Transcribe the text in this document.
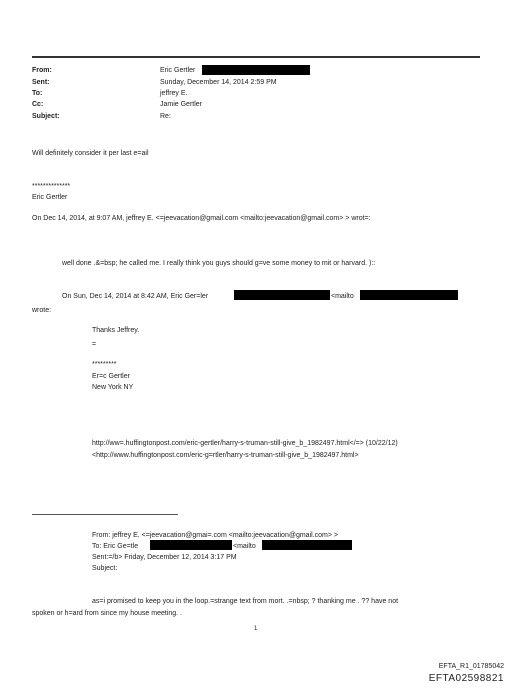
From:	Eric Gertler
Sent:	Sunday, December 14, 2014 2:59 PM
To:	jeffrey E.
Cc:	Jamie Gertler
Subject:	Re:
Will definitely consider it per last e=ail
**************
Eric Gertler
On Dec 14, 2014, at 9:07 AM, jeffrey E. <=jeevacation@gmail.com <mailto:jeevacation@gmail.com> > wrot=:
well done .&=bsp; he called me. I really think you guys should g=ve some money to mit or harvard. )::
On Sun, Dec 14, 2014 at 8:42 AM, Eric Ger=ler	<mailto
wrote:
Thanks Jeffrey.
=
*********
Er=c Gertler
New York NY
http://ww=.huffingtonpost.com/eric-gertler/harry-s-truman-still-give_b_1982497.html</=> (10/22/12)
<http://www.huffingtonpost.com/eric-g=rtler/harry-s-truman-still-give_b_1982497.html>
From: jeffrey E. <=jeevacation@gmai=.com <mailto:jeevacation@gmail.com> >
To: Eric Ge=tle	<mailto
Sent:=/b> Friday, December 12, 2014 3:17 PM
Subject:
as=i promised to keep you in the loop.=strange text from mort. .=nbsp; ? thanking me . ?? have not
spoken or h=ard from since my house meeting. .
1
EFTA_R1_01785042
EFTA02598821
